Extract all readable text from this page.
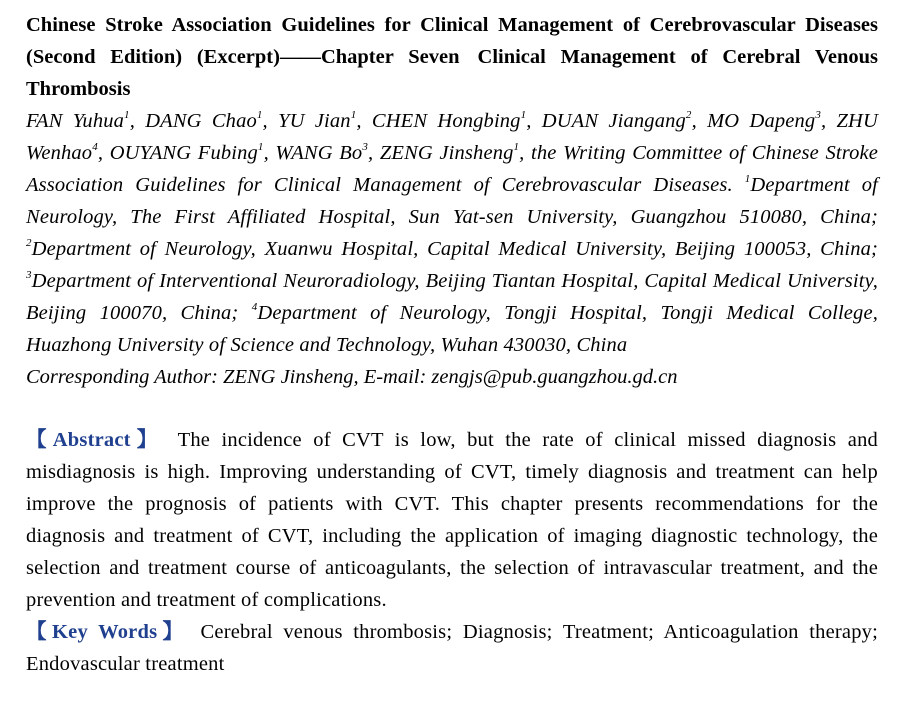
Chinese Stroke Association Guidelines for Clinical Management of Cerebrovascular Diseases (Second Edition) (Excerpt)——Chapter Seven Clinical Management of Cerebral Venous Thrombosis

FAN Yuhua$^1$, DANG Chao$^1$, YU Jian$^1$, CHEN Hongbing$^1$, DUAN Jiangang$^2$, MO Dapeng$^3$, ZHU Wenhao$^4$, OUYANG Fubing$^1$, WANG Bo$^3$, ZENG Jinsheng$^1$, the Writing Committee of Chinese Stroke Association Guidelines for Clinical Management of Cerebrovascular Diseases. $^1$Department of Neurology, The First Affiliated Hospital, Sun Yat-sen University, Guangzhou 510080, China; $^2$Department of Neurology, Xuanwu Hospital, Capital Medical University, Beijing 100053, China; $^3$Department of Interventional Neuroradiology, Beijing Tiantan Hospital, Capital Medical University, Beijing 100070, China; $^4$Department of Neurology, Tongji Hospital, Tongji Medical College, Huazhong University of Science and Technology, Wuhan 430030, China

Corresponding Author: ZENG Jinsheng, E-mail: zengjs@pub.guangzhou.gd.cn

【Abstract】 The incidence of CVT is low, but the rate of clinical missed diagnosis and misdiagnosis is high. Improving understanding of CVT, timely diagnosis and treatment can help improve the prognosis of patients with CVT. This chapter presents recommendations for the diagnosis and treatment of CVT, including the application of imaging diagnostic technology, the selection and treatment course of anticoagulants, the selection of intravascular treatment, and the prevention and treatment of complications.

【Key Words】 Cerebral venous thrombosis; Diagnosis; Treatment; Anticoagulation therapy; Endovascular treatment
